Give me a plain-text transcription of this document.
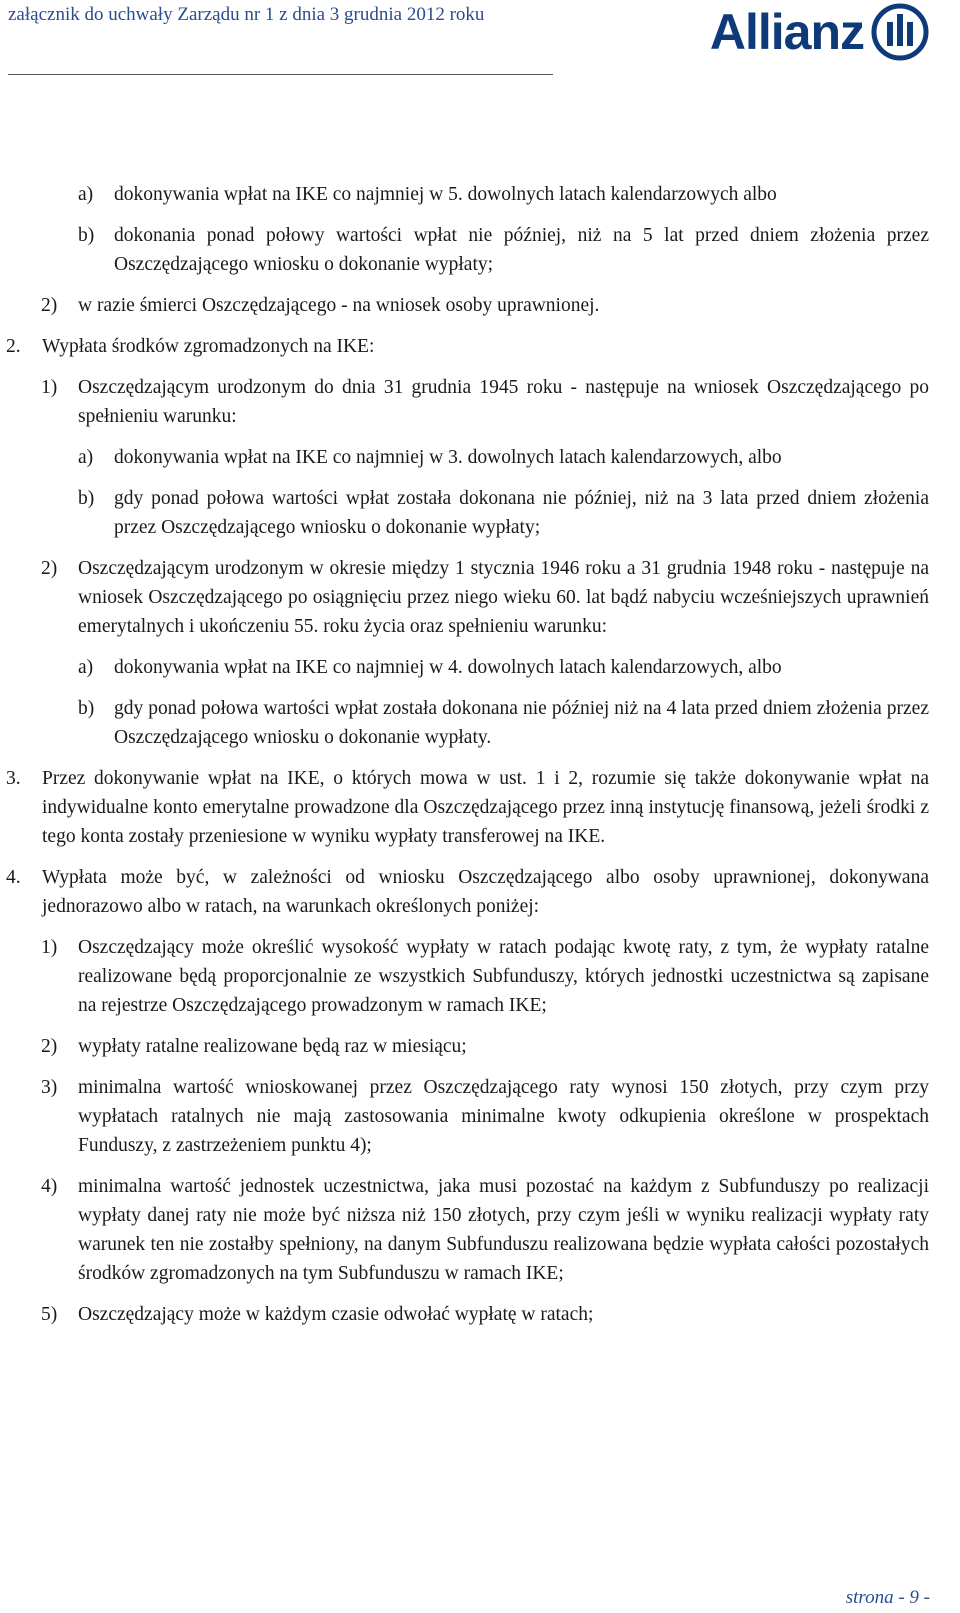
załącznik do uchwały Zarządu nr 1 z dnia 3 grudnia 2012 roku	Allianz
a) dokonywania wpłat na IKE co najmniej w 5. dowolnych latach kalendarzowych albo
b) dokonania ponad połowy wartości wpłat nie później, niż na 5 lat przed dniem złożenia przez Oszczędzającego wniosku o dokonanie wypłaty;
2) w razie śmierci Oszczędzającego - na wniosek osoby uprawnionej.
2. Wypłata środków zgromadzonych na IKE:
1) Oszczędzającym urodzonym do dnia 31 grudnia 1945 roku - następuje na wniosek Oszczędzającego po spełnieniu warunku:
a) dokonywania wpłat na IKE co najmniej w 3. dowolnych latach kalendarzowych, albo
b) gdy ponad połowa wartości wpłat została dokonana nie później, niż na 3 lata przed dniem złożenia przez Oszczędzającego wniosku o dokonanie wypłaty;
2) Oszczędzającym urodzonym w okresie między 1 stycznia 1946 roku a 31 grudnia 1948 roku - następuje na wniosek Oszczędzającego po osiągnięciu przez niego wieku 60. lat bądź nabyciu wcześniejszych uprawnień emerytalnych i ukończeniu 55. roku życia oraz spełnieniu warunku:
a) dokonywania wpłat na IKE co najmniej w 4. dowolnych latach kalendarzowych, albo
b) gdy ponad połowa wartości wpłat została dokonana nie później niż na 4 lata przed dniem złożenia przez Oszczędzającego wniosku o dokonanie wypłaty.
3. Przez dokonywanie wpłat na IKE, o których mowa w ust. 1 i 2, rozumie się także dokonywanie wpłat na indywidualne konto emerytalne prowadzone dla Oszczędzającego przez inną instytucję finansową, jeżeli środki z tego konta zostały przeniesione w wyniku wypłaty transferowej na IKE.
4. Wypłata może być, w zależności od wniosku Oszczędzającego albo osoby uprawnionej, dokonywana jednorazowo albo w ratach, na warunkach określonych poniżej:
1) Oszczędzający może określić wysokość wypłaty w ratach podając kwotę raty, z tym, że wypłaty ratalne realizowane będą proporcjonalnie ze wszystkich Subfunduszy, których jednostki uczestnictwa są zapisane na rejestrze Oszczędzającego prowadzonym w ramach IKE;
2) wypłaty ratalne realizowane będą raz w miesiącu;
3) minimalna wartość wnioskowanej przez Oszczędzającego raty wynosi 150 złotych, przy czym przy wypłatach ratalnych nie mają zastosowania minimalne kwoty odkupienia określone w prospektach Funduszy, z zastrzeżeniem punktu 4);
4) minimalna wartość jednostek uczestnictwa, jaka musi pozostać na każdym z Subfunduszy po realizacji wypłaty danej raty nie może być niższa niż 150 złotych, przy czym jeśli w wyniku realizacji wypłaty raty warunek ten nie zostałby spełniony, na danym Subfunduszu realizowana będzie wypłata całości pozostałych środków zgromadzonych na tym Subfunduszu w ramach IKE;
5) Oszczędzający może w każdym czasie odwołać wypłatę w ratach;
strona - 9 -
